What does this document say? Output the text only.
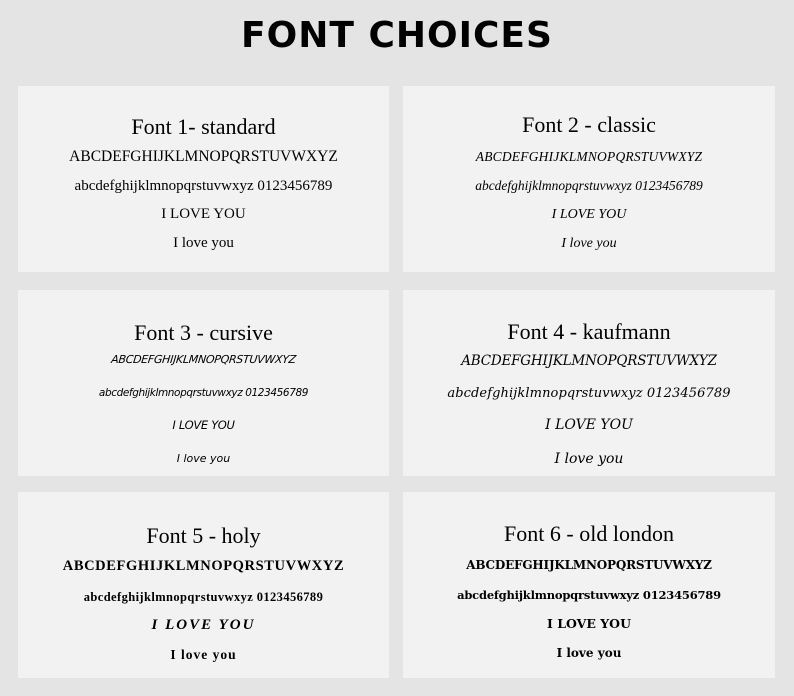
FONT CHOICES
Font 1- standard
ABCDEFGHIJKLMNOPQRSTUVWXYZ
abcdefghijklmnopqrstuvwxyz 0123456789
I LOVE YOU
I love you
Font 2 - classic
ABCDEFGHIJKLMNOPQRSTUVWXYZ
abcdefghijklmnopqrstuvwxyz 0123456789
I LOVE YOU
I love you
Font 3 - cursive
ABCDEFGHIJKLMNOPQRSTUVWXYZ
abcdefghijklmnopqrstuvwxyz 0123456789
I LOVE YOU
I love you
Font 4 - kaufmann
ABCDEFGHIJKLMNOPQRSTUVWXYZ
abcdefghijklmnopqrstuvwxyz 0123456789
I LOVE YOU
I love you
Font 5 - holy
ABCDEFGHIJKLMNOPQRSTUVWXYZ
abcdefghijklmnopqrstuvwxyz 0123456789
I LOVE YOU
I love you
Font 6 - old london
ABCDEFGHIJKLMNOPQRSTUVWXYZ
abcdefghijklmnopqrstuvwxyz 0123456789
I LOVE YOU
I love you
